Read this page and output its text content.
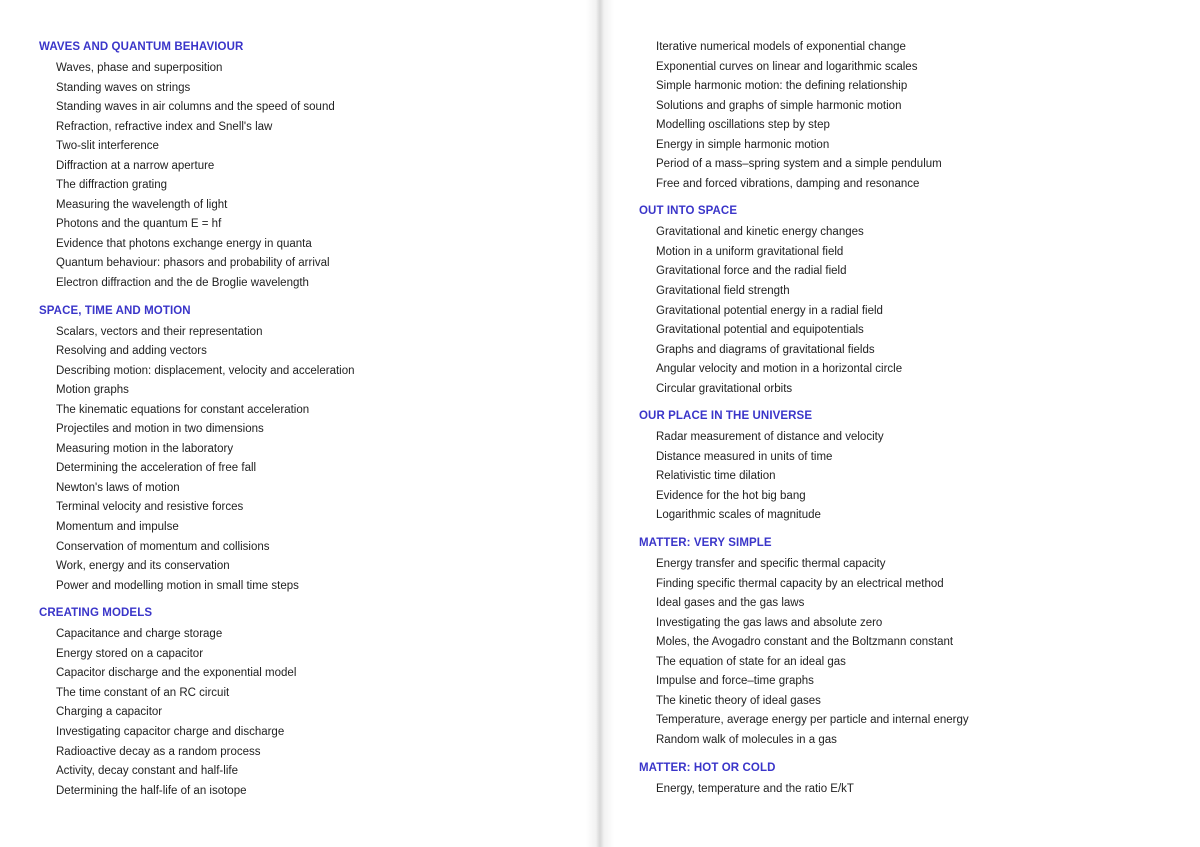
WAVES AND QUANTUM BEHAVIOUR
Waves, phase and superposition
Standing waves on strings
Standing waves in air columns and the speed of sound
Refraction, refractive index and Snell's law
Two-slit interference
Diffraction at a narrow aperture
The diffraction grating
Measuring the wavelength of light
Photons and the quantum E = hf
Evidence that photons exchange energy in quanta
Quantum behaviour: phasors and probability of arrival
Electron diffraction and the de Broglie wavelength
SPACE, TIME AND MOTION
Scalars, vectors and their representation
Resolving and adding vectors
Describing motion: displacement, velocity and acceleration
Motion graphs
The kinematic equations for constant acceleration
Projectiles and motion in two dimensions
Measuring motion in the laboratory
Determining the acceleration of free fall
Newton's laws of motion
Terminal velocity and resistive forces
Momentum and impulse
Conservation of momentum and collisions
Work, energy and its conservation
Power and modelling motion in small time steps
CREATING MODELS
Capacitance and charge storage
Energy stored on a capacitor
Capacitor discharge and the exponential model
The time constant of an RC circuit
Charging a capacitor
Investigating capacitor charge and discharge
Radioactive decay as a random process
Activity, decay constant and half-life
Determining the half-life of an isotope
Iterative numerical models of exponential change
Exponential curves on linear and logarithmic scales
Simple harmonic motion: the defining relationship
Solutions and graphs of simple harmonic motion
Modelling oscillations step by step
Energy in simple harmonic motion
Period of a mass–spring system and a simple pendulum
Free and forced vibrations, damping and resonance
OUT INTO SPACE
Gravitational and kinetic energy changes
Motion in a uniform gravitational field
Gravitational force and the radial field
Gravitational field strength
Gravitational potential energy in a radial field
Gravitational potential and equipotentials
Graphs and diagrams of gravitational fields
Angular velocity and motion in a horizontal circle
Circular gravitational orbits
OUR PLACE IN THE UNIVERSE
Radar measurement of distance and velocity
Distance measured in units of time
Relativistic time dilation
Evidence for the hot big bang
Logarithmic scales of magnitude
MATTER: VERY SIMPLE
Energy transfer and specific thermal capacity
Finding specific thermal capacity by an electrical method
Ideal gases and the gas laws
Investigating the gas laws and absolute zero
Moles, the Avogadro constant and the Boltzmann constant
The equation of state for an ideal gas
Impulse and force–time graphs
The kinetic theory of ideal gases
Temperature, average energy per particle and internal energy
Random walk of molecules in a gas
MATTER: HOT OR COLD
Energy, temperature and the ratio E/kT
